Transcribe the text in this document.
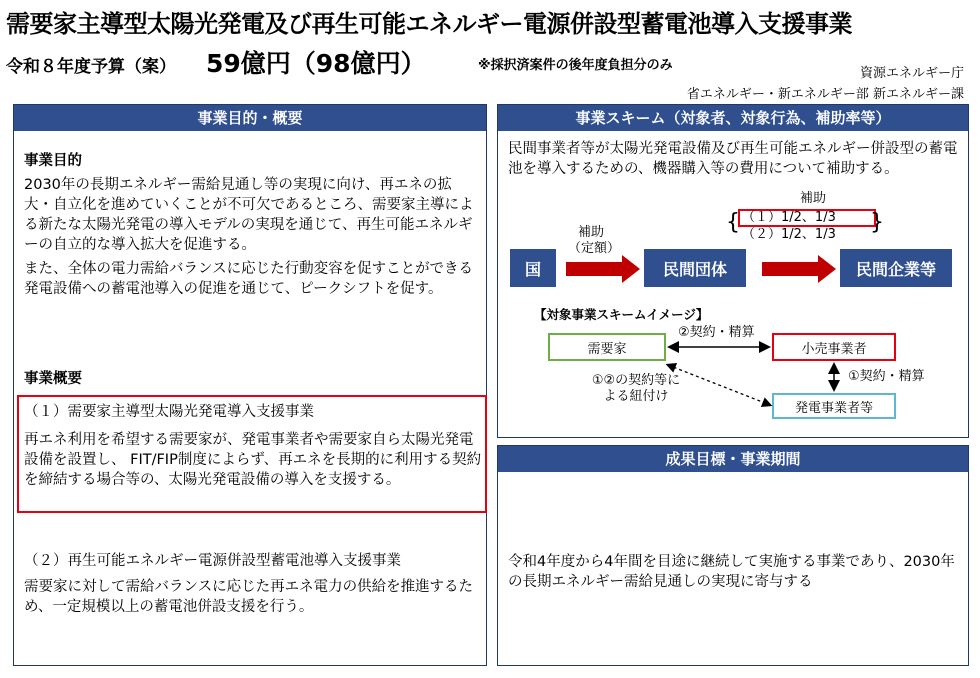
需要家主導型太陽光発電及び再生可能エネルギー電源併設型蓄電池導入支援事業
令和８年度予算（案） 59億円（98億円）	※採択済案件の後年度負担分のみ
資源エネルギー庁
省エネルギー・新エネルギー部 新エネルギー課
事業目的・概要
事業目的
2030年の長期エネルギー需給見通し等の実現に向け、再エネの拡大・自立化を進めていくことが不可欠であるところ、需要家主導による新たな太陽光発電の導入モデルの実現を通じて、再生可能エネルギーの自立的な導入拡大を促進する。
また、全体の電力需給バランスに応じた行動変容を促すことができる発電設備への蓄電池導入の促進を通じて、ピークシフトを促す。
事業概要
（１）需要家主導型太陽光発電導入支援事業
再エネ利用を希望する需要家が、発電事業者や需要家自ら太陽光発電設備を設置し、 FIT/FIP制度によらず、再エネを長期的に利用する契約を締結する場合等の、太陽光発電設備の導入を支援する。
（２）再生可能エネルギー電源併設型蓄電池導入支援事業
需要家に対して需給バランスに応じた再エネ電力の供給を推進するため、一定規模以上の蓄電池併設支援を行う。
事業スキーム（対象者、対象行為、補助率等）
民間事業者等が太陽光発電設備及び再生可能エネルギー併設型の蓄電池を導入するための、機器購入等の費用について補助する。
国
補助
（定額）
民間団体
補助
{ （１）1/2、1/3
（２）1/2、1/3 }
民間企業等
【対象事業スキームイメージ】
需要家	小売事業者
発電事業者等
②契約・精算
①契約・精算
①②の契約等による紐付け
成果目標・事業期間
令和4年度から4年間を目途に継続して実施する事業であり、2030年の長期エネルギー需給見通しの実現に寄与する
